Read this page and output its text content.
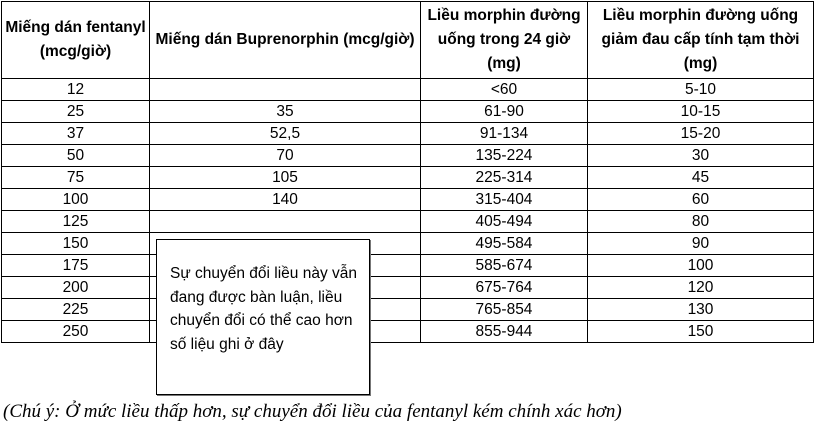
Miếng dán fentanyl (mcg/giờ)	Miếng dán Buprenorphin (mcg/giờ)	Liều morphin đường uống trong 24 giờ (mg)	Liều morphin đường uống giảm đau cấp tính tạm thời (mg)
12		<60	5-10
25	35	61-90	10-15
37	52,5	91-134	15-20
50	70	135-224	30
75	105	225-314	45
100	140	315-404	60
125		405-494	80
150		495-584	90
175		585-674	100
200		675-764	120
225		765-854	130
250		855-944	150
Sự chuyển đổi liều này vẫn đang được bàn luận, liều chuyển đổi có thể cao hơn số liệu ghi ở đây
(Chú ý: Ở mức liều thấp hơn, sự chuyển đổi liều của fentanyl kém chính xác hơn)
